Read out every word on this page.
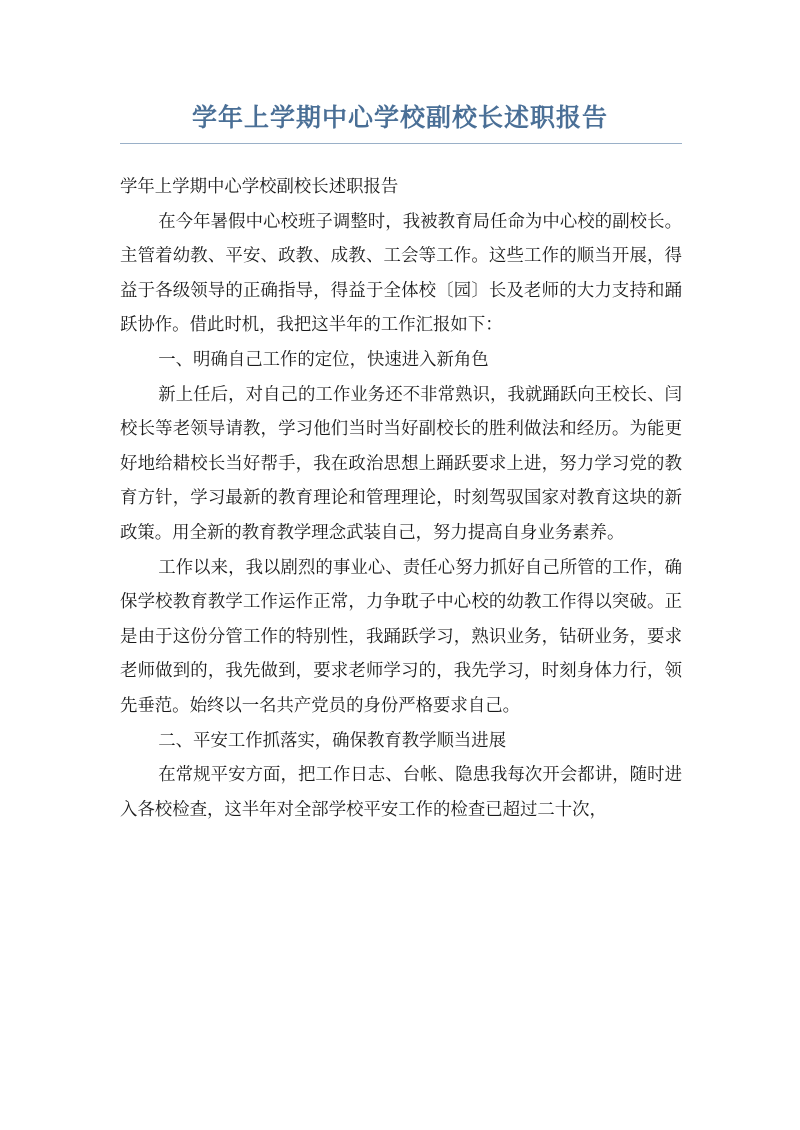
学年上学期中心学校副校长述职报告

学年上学期中心学校副校长述职报告

在今年暑假中心校班子调整时，我被教育局任命为中心校的副校长。主管着幼教、平安、政教、成教、工会等工作。这些工作的顺当开展，得益于各级领导的正确指导，得益于全体校〔园〕长及老师的大力支持和踊跃协作。借此时机，我把这半年的工作汇报如下：

一、明确自己工作的定位，快速进入新角色

新上任后，对自己的工作业务还不非常熟识，我就踊跃向王校长、闫校长等老领导请教，学习他们当时当好副校长的胜利做法和经历。为能更好地给耤校长当好帮手，我在政治思想上踊跃要求上进，努力学习党的教育方针，学习最新的教育理论和管理理论，时刻驾驭国家对教育这块的新政策。用全新的教育教学理念武装自己，努力提高自身业务素养。

工作以来，我以剧烈的事业心、责任心努力抓好自己所管的工作，确保学校教育教学工作运作正常，力争耽子中心校的幼教工作得以突破。正是由于这份分管工作的特别性，我踊跃学习，熟识业务，钻研业务，要求老师做到的，我先做到，要求老师学习的，我先学习，时刻身体力行，领先垂范。始终以一名共产党员的身份严格要求自己。

二、平安工作抓落实，确保教育教学顺当进展

在常规平安方面，把工作日志、台帐、隐患我每次开会都讲，随时进入各校检查，这半年对全部学校平安工作的检查已超过二十次，
